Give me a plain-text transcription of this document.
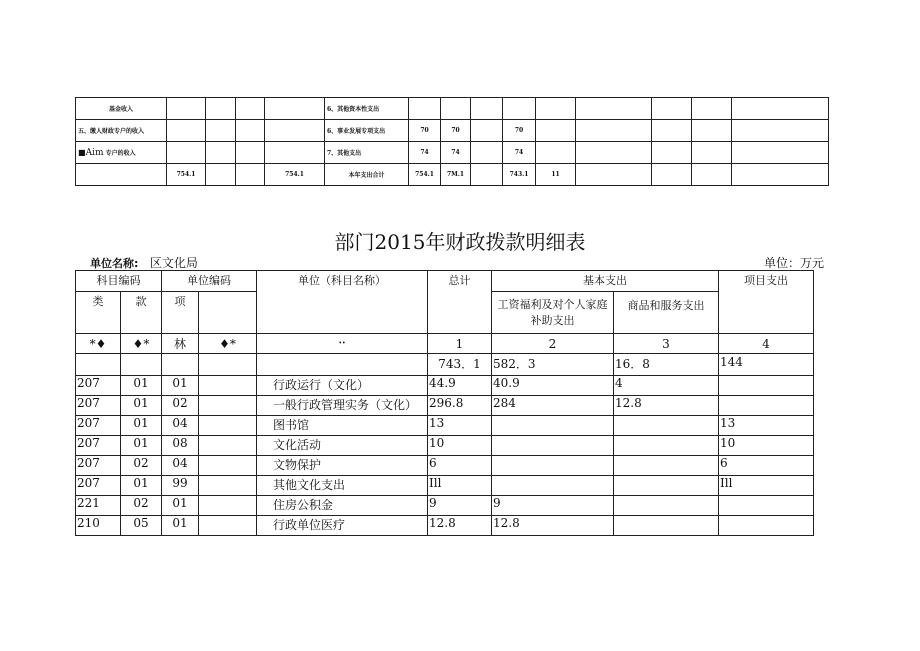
基金收入					6、其他资本性支出									
五、缴人财政专户的收入					6、事业发展专项支出	70	70		70					
■Aim 专户的收入					7、其他支出	74	74		74					
	754.1			754.1	本年支出合计	754.1	7M.1		743.1	11				
部门2015年财政拨款明细表
单位名称: 区文化局	单位：万元
科目编码		单位编码		单位（科目名称）	总计	基本支出		项目支出
类	款	项				工资福利及对个人家庭补助支出	商品和服务支出	

*♦	♦*	林	♦*	••	1	2	3	4
					743．1	582．3	16．8	144
207	01	01		行政运行（文化）	44.9	40.9	4	
207	01	02		一般行政管理实务（文化）	296.8	284	12.8	
207	01	04		图书馆	13			13
207	01	08		文化活动	10			10
207	02	04		文物保护	6			6
207	01	99		其他文化支出	Ill			Ill
221	02	01		住房公积金	9	9		
210	05	01		行政单位医疗	12.8	12.8		
